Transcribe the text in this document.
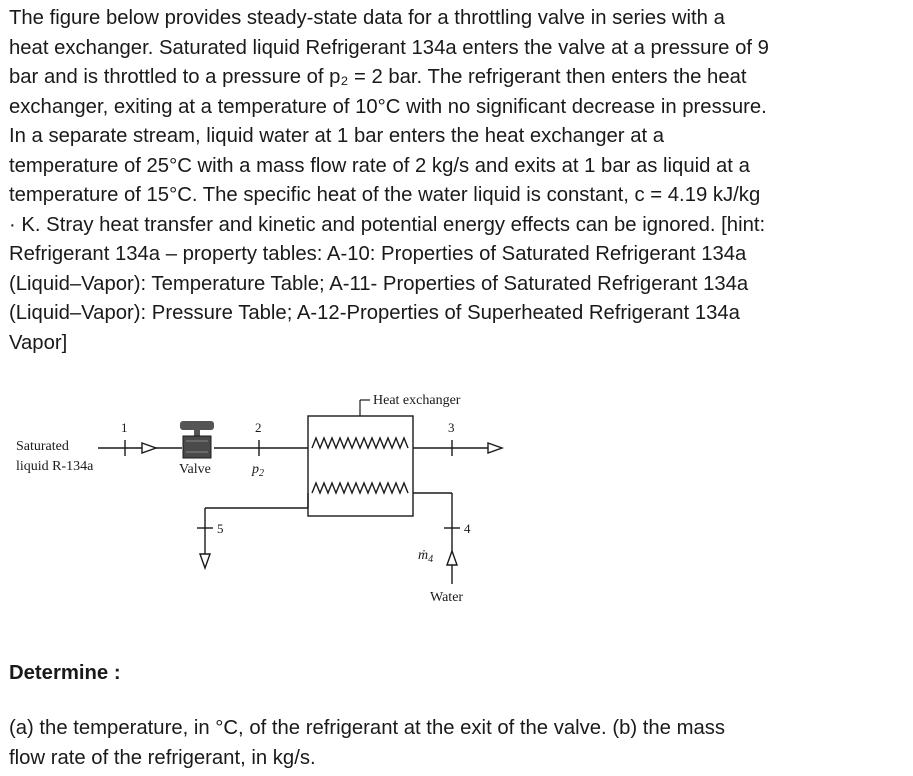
The figure below provides steady-state data for a throttling valve in series with a
heat exchanger. Saturated liquid Refrigerant 134a enters the valve at a pressure of 9
bar and is throttled to a pressure of p₂ = 2 bar. The refrigerant then enters the heat
exchanger, exiting at a temperature of 10°C with no significant decrease in pressure.
In a separate stream, liquid water at 1 bar enters the heat exchanger at a
temperature of 25°C with a mass flow rate of 2 kg/s and exits at 1 bar as liquid at a
temperature of 15°C. The specific heat of the water liquid is constant, c = 4.19 kJ/kg
· K. Stray heat transfer and kinetic and potential energy effects can be ignored. [hint:
Refrigerant 134a – property tables: A-10: Properties of Saturated Refrigerant 134a
(Liquid–Vapor): Temperature Table; A-11- Properties of Saturated Refrigerant 134a
(Liquid–Vapor): Pressure Table; A-12-Properties of Superheated Refrigerant 134a
Vapor]
Saturated
liquid R-134a
1
Valve
2
$p_2$
5
Heat exchanger
3
4
ṁ$_4$
Water
Determine :
(a) the temperature, in °C, of the refrigerant at the exit of the valve. (b) the mass
flow rate of the refrigerant, in kg/s.
